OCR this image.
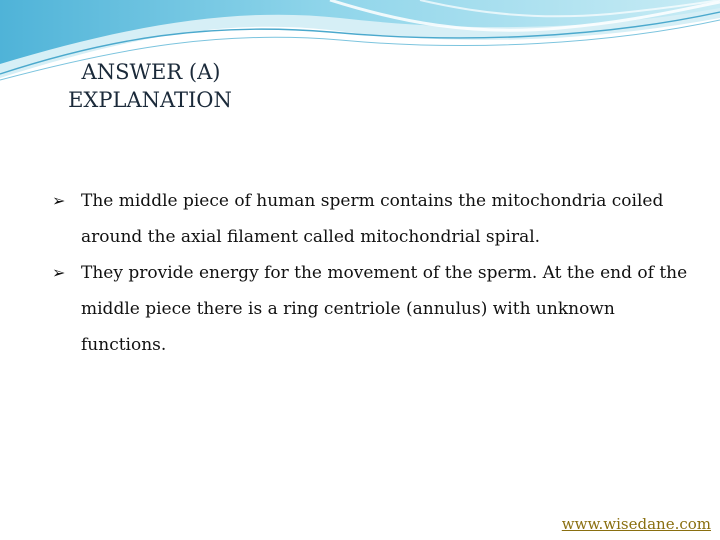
ANSWER (A)
EXPLANATION
➢ The middle piece of human sperm contains the mitochondria coiled around the axial filament called mitochondrial spiral.
➢ They provide energy for the movement of the sperm. At the end of the middle piece there is a ring centriole (annulus) with unknown functions.
www.wisedane.com
